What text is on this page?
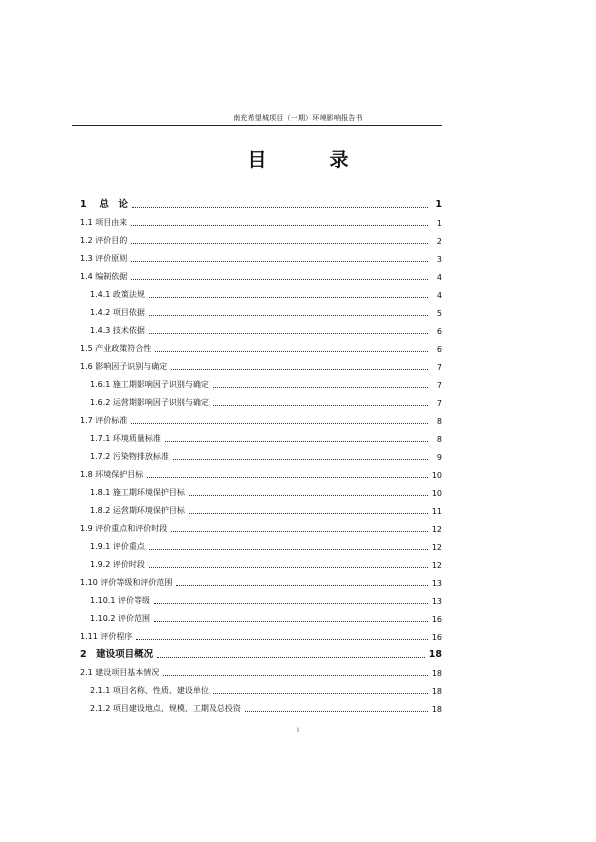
南充希望城项目（一期）环境影响报告书
目　录
1　 总　论	1
1.1 项目由来	1
1.2 评价目的	2
1.3 评价原则	3
1.4 编制依据	4
1.4.1 政策法规	4
1.4.2 项目依据	5
1.4.3 技术依据	6
1.5 产业政策符合性	6
1.6 影响因子识别与确定	7
1.6.1 施工期影响因子识别与确定	7
1.6.2 运营期影响因子识别与确定	7
1.7 评价标准	8
1.7.1 环境质量标准	8
1.7.2 污染物排放标准	9
1.8 环境保护目标	10
1.8.1 施工期环境保护目标	10
1.8.2 运营期环境保护目标	11
1.9 评价重点和评价时段	12
1.9.1 评价重点	12
1.9.2 评价时段	12
1.10 评价等级和评价范围	13
1.10.1 评价等级	13
1.10.2 评价范围	16
1.11 评价程序	16
2　建设项目概况	18
2.1 建设项目基本情况	18
2.1.1 项目名称、性质、建设单位	18
2.1.2 项目建设地点、规模、工期及总投资	18
I
